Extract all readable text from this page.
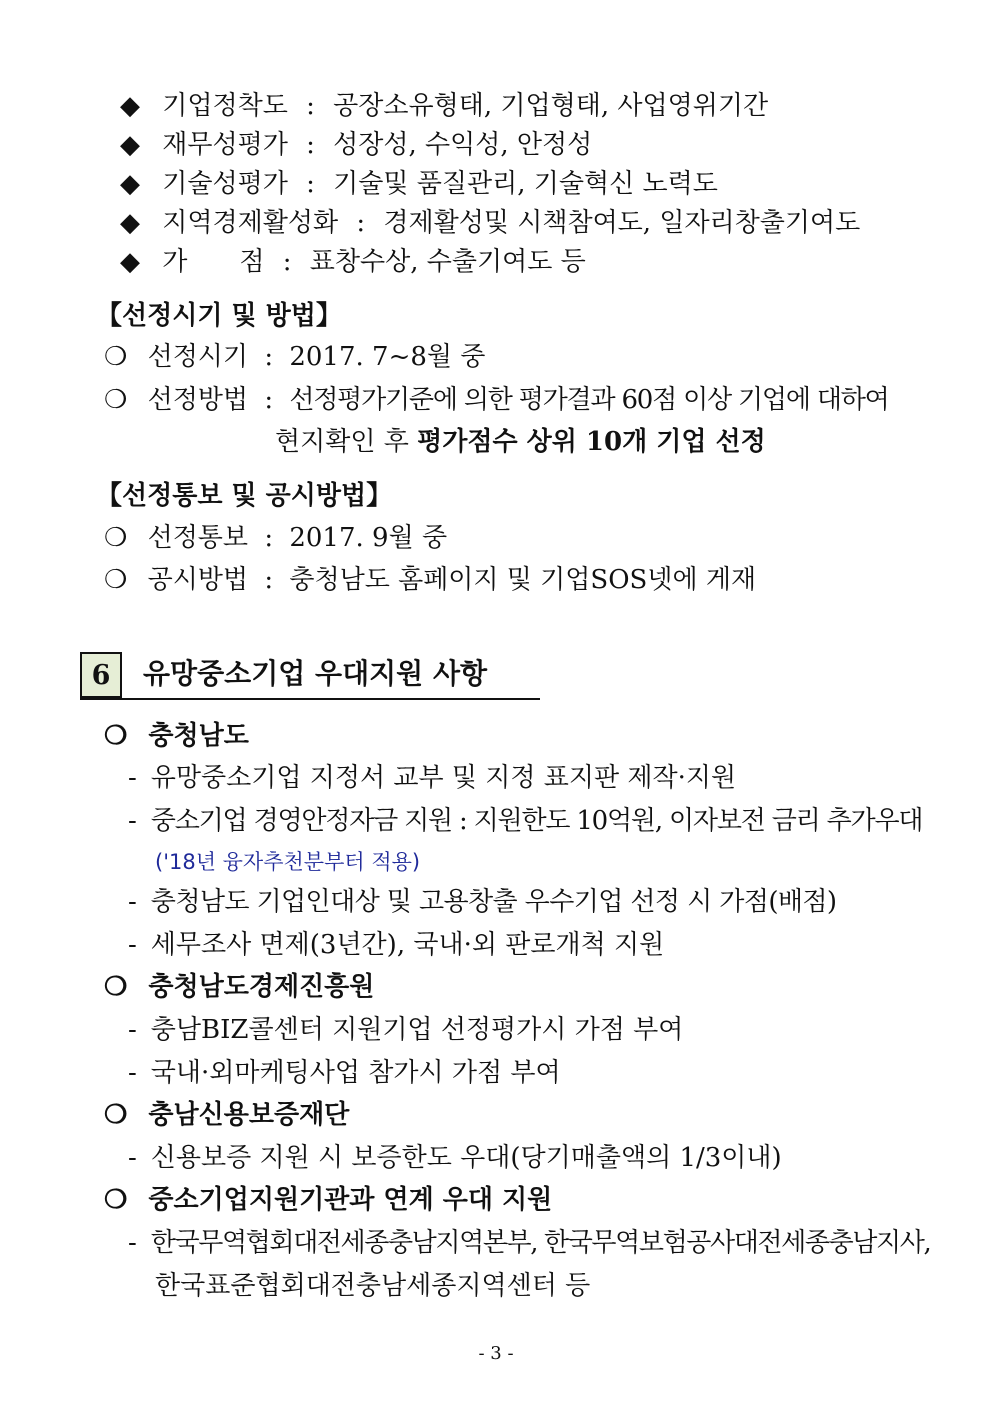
◆ 기업정착도 : 공장소유형태, 기업형태, 사업영위기간
◆ 재무성평가 : 성장성, 수익성, 안정성
◆ 기술성평가 : 기술및 품질관리, 기술혁신 노력도
◆ 지역경제활성화 : 경제활성및 시책참여도, 일자리창출기여도
◆ 가　　점 : 표창수상, 수출기여도 등
【선정시기 및 방법】
❍ 선정시기 : 2017. 7~8월 중
❍ 선정방법 : 선정평가기준에 의한 평가결과 60점 이상 기업에 대하여
현지확인 후 평가점수 상위 10개 기업 선정
【선정통보 및 공시방법】
❍ 선정통보 : 2017. 9월 중
❍ 공시방법 : 충청남도 홈페이지 및 기업SOS넷에 게재
6	유망중소기업 우대지원 사항
❍ 충청남도
- 유망중소기업 지정서 교부 및 지정 표지판 제작·지원
- 중소기업 경영안정자금 지원 : 지원한도 10억원, 이자보전 금리 추가우대
('18년 융자추천분부터 적용)
- 충청남도 기업인대상 및 고용창출 우수기업 선정 시 가점(배점)
- 세무조사 면제(3년간), 국내·외 판로개척 지원
❍ 충청남도경제진흥원
- 충남BIZ콜센터 지원기업 선정평가시 가점 부여
- 국내·외마케팅사업 참가시 가점 부여
❍ 충남신용보증재단
- 신용보증 지원 시 보증한도 우대(당기매출액의 1/3이내)
❍ 중소기업지원기관과 연계 우대 지원
- 한국무역협회대전세종충남지역본부, 한국무역보험공사대전세종충남지사,
한국표준협회대전충남세종지역센터 등
- 3 -
